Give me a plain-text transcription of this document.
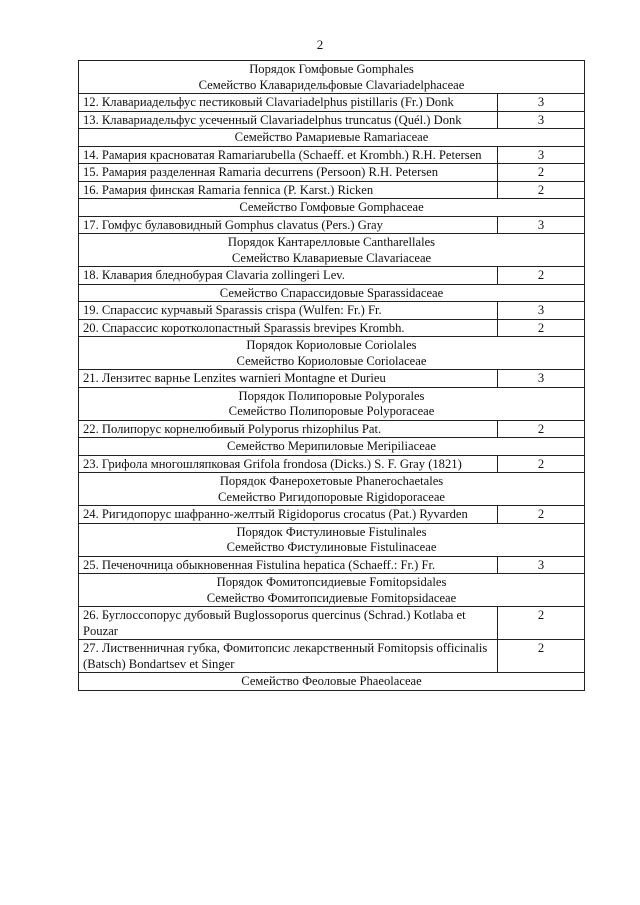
2
Порядок Гомфовые Gomphales
Семейство Клаваридельфовые Clavariadelphaceae	

12. Клавариадельфус пестиковый Clavariadelphus pistillaris (Fr.) Donk	3
13. Клавариадельфус усеченный Clavariadelphus truncatus (Quél.) Donk	3

Семейство Рамариевые Ramariaceae	

14. Рамария красноватая Ramariarubella (Schaeff. et Krombh.) R.H. Petersen	3
15. Рамария разделенная Ramaria decurrens (Persoon) R.H. Petersen	2
16. Рамария финская Ramaria fennica (P. Karst.) Ricken	2

Семейство Гомфовые Gomphaceae	

17. Гомфус булавовидный Gomphus clavatus (Pers.) Gray	3

Порядок Кантарелловые Cantharellales
Семейство Клавариевые Clavariaceae	

18. Клавария бледнобурая Clavaria zollingeri Lev.	2

Семейство Спарассидовые Sparassidaceae	

19. Спарассис курчавый Sparassis crispa (Wulfen: Fr.) Fr.	3
20. Спарассис коротколопастный Sparassis brevipes Krombh.	2

Порядок Кориоловые Coriolales
Семейство Кориоловые Coriolaceae	

21. Лензитес варнье Lenzites warnieri Montagne et Durieu	3

Порядок Полипоровые Polyporales
Семейство Полипоровые Polyporaceae	

22. Полипорус корнелюбивый Polyporus rhizophilus Pat.	2

Семейство Мерипиловые Meripiliaceae	

23. Грифола многошляпковая Grifola frondosa (Dicks.) S. F. Gray (1821)	2

Порядок Фанерохетовые Phanerochaetales
Семейство Ригидопоровые Rigidoporaceae	

24. Ригидопорус шафранно-желтый Rigidoporus crocatus (Pat.) Ryvarden	2

Порядок Фистулиновые Fistulinales
Семейство Фистулиновые Fistulinaceae	

25. Печеночница обыкновенная Fistulina hepatica (Schaeff.: Fr.) Fr.	3

Порядок Фомитопсидиевые Fomitopsidales
Семейство Фомитопсидиевые Fomitopsidaceae	

26. Буглоссопорус дубовый Buglossoporus quercinus (Schrad.) Kotlaba et Pouzar	2
27. Лиственничная губка, Фомитопсис лекарственный Fomitopsis officinalis (Batsch) Bondartsev et Singer	2

Семейство Феоловые Phaeolaceae	
